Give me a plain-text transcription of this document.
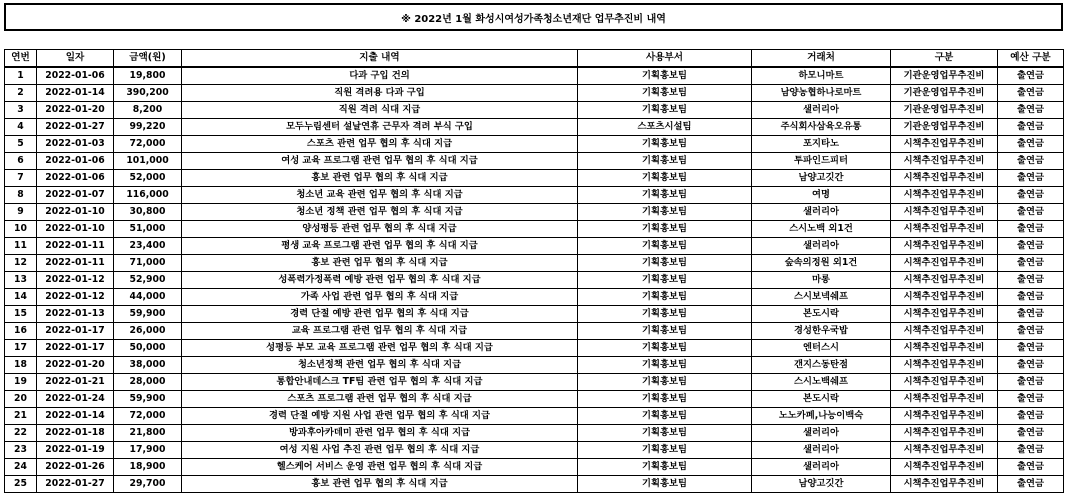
※ 2022년 1월 화성시여성가족청소년재단 업무추진비 내역
연번	일자	금액(원)	지출 내역	사용부서	거래처	구분	예산 구분
1	2022-01-06	19,800	다과 구입 건의	기획홍보팀	하모니마트	기관운영업무추진비	출연금
2	2022-01-14	390,200	직원 격려용 다과 구입	기획홍보팀	남양농협하나로마트	기관운영업무추진비	출연금
3	2022-01-20	8,200	직원 격려 식대 지급	기획홍보팀	샐러리아	기관운영업무추진비	출연금
4	2022-01-27	99,220	모두누림센터 설날연휴 근무자 격려 부식 구입	스포츠시설팀	주식회사삼육오유통	기관운영업무추진비	출연금
5	2022-01-03	72,000	스포츠 관련 업무 협의 후 식대 지급	기획홍보팀	포지타노	시책추진업무추진비	출연금
6	2022-01-06	101,000	여성 교육 프로그램 관련 업무 협의 후 식대 지급	기획홍보팀	투파인드피터	시책추진업무추진비	출연금
7	2022-01-06	52,000	홍보 관련 업무 협의 후 식대 지급	기획홍보팀	남양고깃간	시책추진업무추진비	출연금
8	2022-01-07	116,000	청소년 교육 관련 업무 협의 후 식대 지급	기획홍보팀	여명	시책추진업무추진비	출연금
9	2022-01-10	30,800	청소년 정책 관련 업무 협의 후 식대 지급	기획홍보팀	샐러리아	시책추진업무추진비	출연금
10	2022-01-10	51,000	양성평등 관련 업무 협의 후 식대 지급	기획홍보팀	스시노백 외1건	시책추진업무추진비	출연금
11	2022-01-11	23,400	평생 교육 프로그램 관련 업무 협의 후 식대 지급	기획홍보팀	샐러리아	시책추진업무추진비	출연금
12	2022-01-11	71,000	홍보 관련 업무 협의 후 식대 지급	기획홍보팀	숲속의정원 외1건	시책추진업무추진비	출연금
13	2022-01-12	52,900	성폭력가정폭력 예방 관련 업무 협의 후 식대 지급	기획홍보팀	마롱	시책추진업무추진비	출연금
14	2022-01-12	44,000	가족 사업 관련 업무 협의 후 식대 지급	기획홍보팀	스시보넥쉐프	시책추진업무추진비	출연금
15	2022-01-13	59,900	경력 단절 예방 관련 업무 협의 후 식대 지급	기획홍보팀	본도시락	시책추진업무추진비	출연금
16	2022-01-17	26,000	교육 프로그램 관련 업무 협의 후 식대 지급	기획홍보팀	경성한우국밥	시책추진업무추진비	출연금
17	2022-01-17	50,000	성평등 부모 교육 프로그램 관련 업무 협의 후 식대 지급	기획홍보팀	엔터스시	시책추진업무추진비	출연금
18	2022-01-20	38,000	청소년정책 관련 업무 협의 후 식대 지급	기획홍보팀	갠지스동탄점	시책추진업무추진비	출연금
19	2022-01-21	28,000	통합안내데스크 TF팀 관련 업무 협의 후 식대 지급	기획홍보팀	스시노백쉐프	시책추진업무추진비	출연금
20	2022-01-24	59,900	스포츠 프로그램 관련 업무 협의 후 식대 지급	기획홍보팀	본도시락	시책추진업무추진비	출연금
21	2022-01-14	72,000	경력 단절 예방 지원 사업 관련 업무 협의 후 식대 지급	기획홍보팀	노노카페,나능이백숙	시책추진업무추진비	출연금
22	2022-01-18	21,800	방과후아카데미 관련 업무 협의 후 식대 지급	기획홍보팀	샐러리아	시책추진업무추진비	출연금
23	2022-01-19	17,900	여성 지원 사업 추진 관련 업무 협의 후 식대 지급	기획홍보팀	샐러리아	시책추진업무추진비	출연금
24	2022-01-26	18,900	헬스케어 서비스 운영 관련 업무 협의 후 식대 지급	기획홍보팀	샐러리아	시책추진업무추진비	출연금
25	2022-01-27	29,700	홍보 관련 업무 협의 후 식대 지급	기획홍보팀	남양고깃간	시책추진업무추진비	출연금
